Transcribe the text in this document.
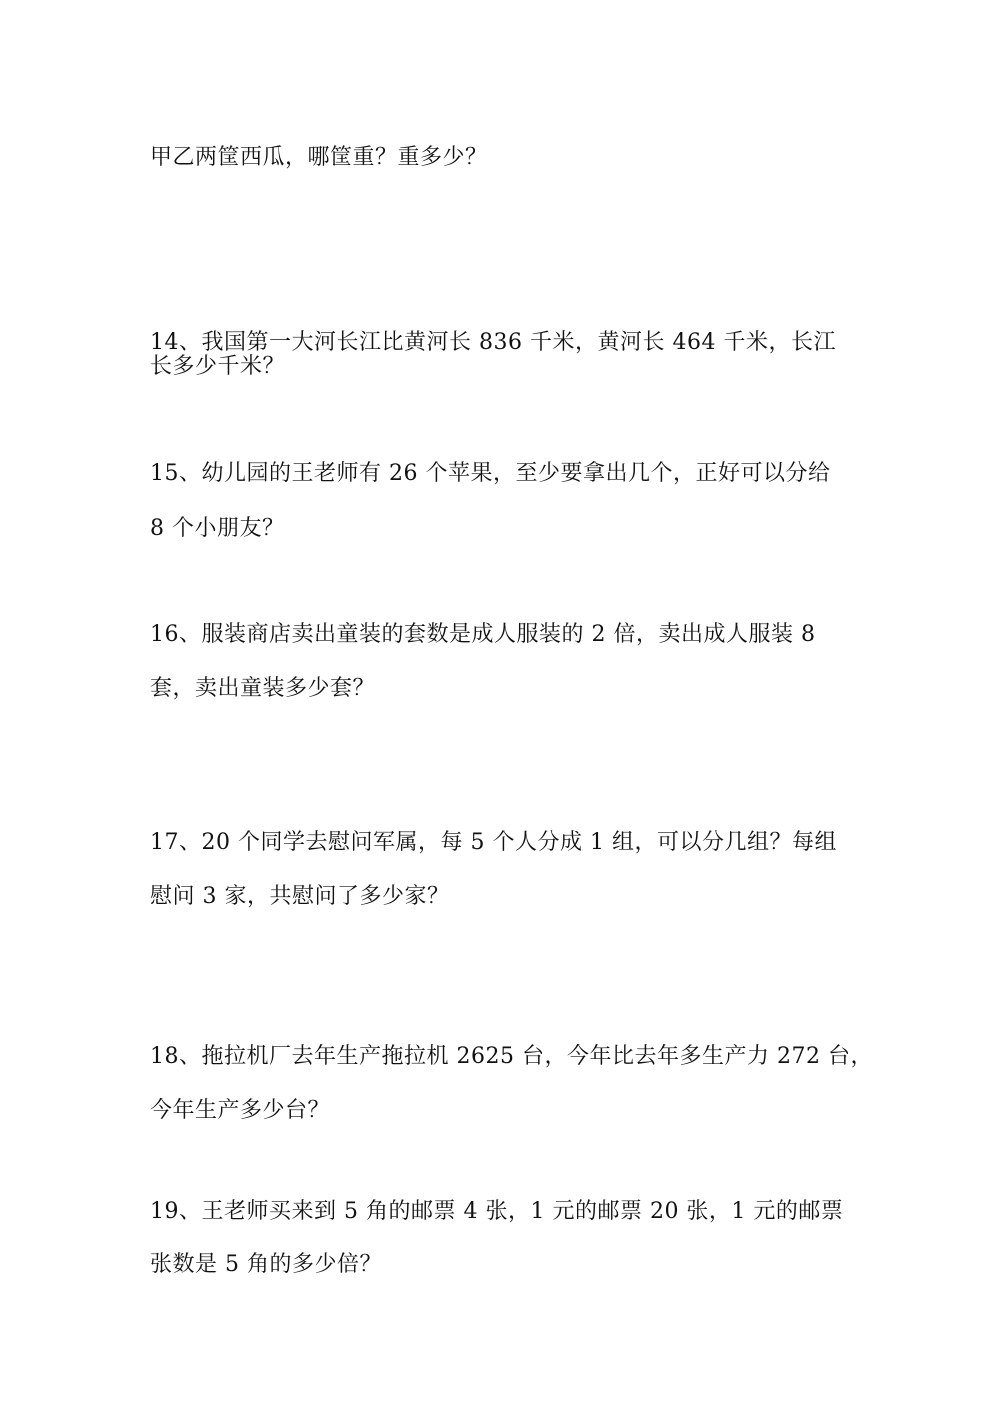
甲乙两筐西瓜，哪筐重？重多少？
14、我国第一大河长江比黄河长 836 千米，黄河长 464 千米，长江
长多少千米？
15、幼儿园的王老师有 26 个苹果，至少要拿出几个，正好可以分给
8 个小朋友？
16、服装商店卖出童装的套数是成人服装的 2 倍，卖出成人服装 8
套，卖出童装多少套？
17、20 个同学去慰问军属，每 5 个人分成 1 组，可以分几组？每组
慰问 3 家，共慰问了多少家？
18、拖拉机厂去年生产拖拉机 2625 台，今年比去年多生产力 272 台，
今年生产多少台？
19、王老师买来到 5 角的邮票 4 张，1 元的邮票 20 张，1 元的邮票
张数是 5 角的多少倍？
